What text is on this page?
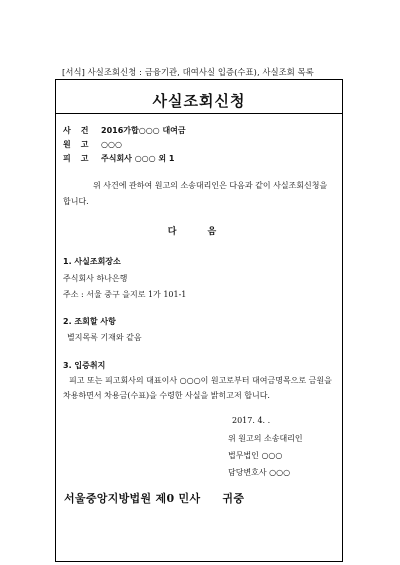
[서식] 사실조회신청 : 금융기관, 대여사실 입증(수표), 사실조회 목록
사실조회신청
사건 2016가합○○○ 대여금
원고 ○○○
피고 주식회사 ○○○ 외 1
위 사건에 관하여 원고의 소송대리인은 다음과 같이 사실조회신청을 합니다.
다 음
1. 사실조회장소
주식회사 하나은행
주소 : 서울 중구 을지로 1가 101-1
2. 조회할 사항
별지목록 기재와 같음
3. 입증취지
피고 또는 피고회사의 대표이사 ○○○이 원고로부터 대여금명목으로 금원을 차용하면서 차용금(수표)을 수령한 사실을 밝히고저 합니다.
2017. 4. .
위 원고의 소송대리인
법무법인 ○○○
담당변호사 ○○○
서울중앙지방법원 제0 민사 귀중
